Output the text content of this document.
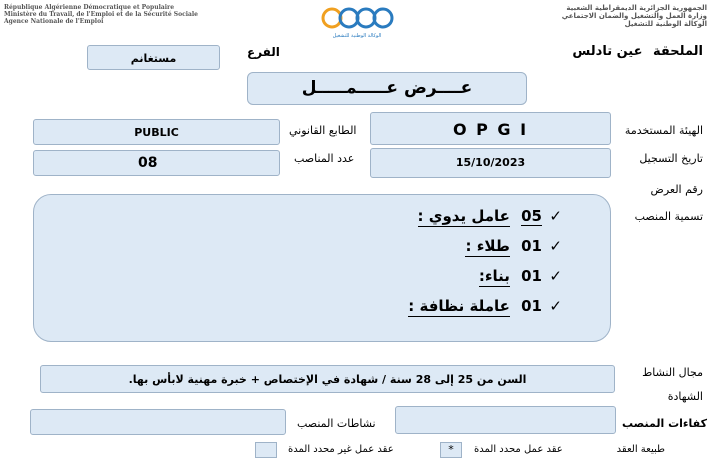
République Algérienne Démocratique et Populaire
Ministère du Travail, de l'Emploi et de la Sécurité Sociale
Agence Nationale de l'Emploi
الوكالة الوطنية للتشغيل
الجمهورية الجزائرية الديمقراطية الشعبية
وزارة العمل والتشغيل والضمان الاجتماعي
الوكالة الوطنية للتشغيل
الملحقة عين تادلس
الفرع
مستغانم
عــــرض عـــــمـــــل
الهيئة المستخدمة
O P G I
الطابع القانوني
PUBLIC
تاريخ التسجيل
15/10/2023
عدد المناصب
08
رقم العرض
تسمية المنصب
✓
05 عامل يدوي :
✓
01 طلاء :
✓
01 بناء:
✓
01 عاملة نظافة :
مجال النشاط
السن من 25 إلى 28 سنة / شهادة في الإختصاص + خبرة مهنية لابأس بها.
الشهادة
كفاءات المنصب
نشاطات المنصب
طبيعة العقد
عقد عمل محدد المدة
*
عقد عمل غير محدد المدة
